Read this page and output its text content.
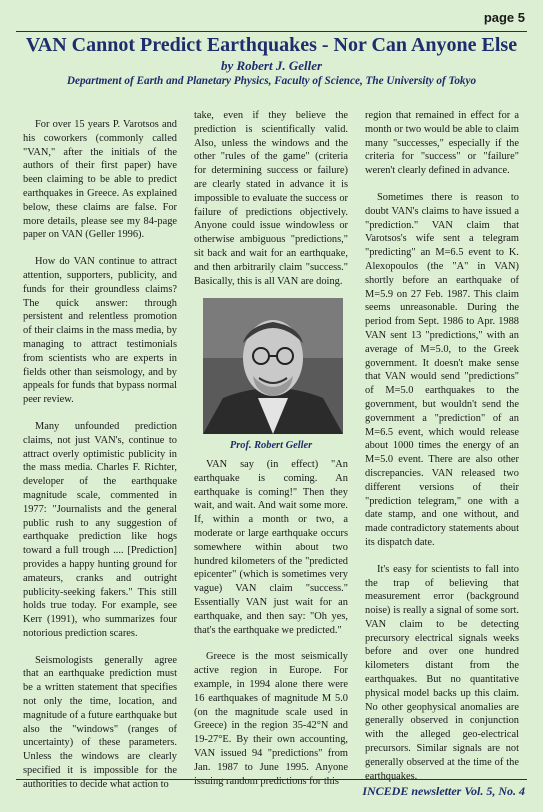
page 5
VAN Cannot Predict Earthquakes - Nor Can Anyone Else
by Robert J. Geller
Department of Earth and Planetary Physics, Faculty of Science, The University of Tokyo

For over 15 years P. Varotsos and his coworkers (commonly called "VAN," after the initials of the authors of their first paper) have been claiming to be able to predict earthquakes in Greece. As explained below, these claims are false. For more details, please see my 84-page paper on VAN (Geller 1996).

How do VAN continue to attract attention, supporters, publicity, and funds for their groundless claims? The quick answer: through persistent and relentless promotion of their claims in the mass media, by managing to attract testimonials from scientists who are experts in fields other than seismology, and by appeals for funds that bypass normal peer review.

Many unfounded prediction claims, not just VAN's, continue to attract overly optimistic publicity in the mass media. Charles F. Richter, developer of the earthquake magnitude scale, commented in 1977: "Journalists and the general public rush to any suggestion of earthquake prediction like hogs toward a full trough .... [Prediction] provides a happy hunting ground for amateurs, cranks and outright publicity-seeking fakers." This still holds true today. For example, see Kerr (1991), who summarizes four notorious prediction scares.

Seismologists generally agree that an earthquake prediction must be a written statement that specifies not only the time, location, and magnitude of a future earthquake but also the "windows" (ranges of uncertainty) of these parameters. Unless the windows are clearly specified it is impossible for the authorities to decide what action to

take, even if they believe the prediction is scientifically valid. Also, unless the windows and the other "rules of the game" (criteria for determining success or failure) are clearly stated in advance it is impossible to evaluate the success or failure of predictions objectively. Anyone could issue windowless or otherwise ambiguous "predictions," sit back and wait for an earthquake, and then arbitrarily claim "success." Basically, this is all VAN are doing.

Prof. Robert Geller

VAN say (in effect) "An earthquake is coming. An earthquake is coming!" Then they wait, and wait. And wait some more. If, within a month or two, a moderate or large earthquake occurs somewhere within about two hundred kilometers of the "predicted epicenter" (which is sometimes very vague) VAN claim "success." Essentially VAN just wait for an earthquake, and then say: "Oh yes, that's the earthquake we predicted."

Greece is the most seismically active region in Europe. For example, in 1994 alone there were 16 earthquakes of magnitude M 5.0 (on the magnitude scale used in Greece) in the region 35-42°N and 19-27°E. By their own accounting, VAN issued 94 "predictions" from Jan. 1987 to June 1995. Anyone issuing random predictions for this

region that remained in effect for a month or two would be able to claim many "successes," especially if the criteria for "success" or "failure" weren't clearly defined in advance.

Sometimes there is reason to doubt VAN's claims to have issued a "prediction." VAN claim that Varotsos's wife sent a telegram "predicting" an M=6.5 event to K. Alexopoulos (the "A" in VAN) shortly before an earthquake of M=5.9 on 27 Feb. 1987. This claim seems unreasonable. During the period from Sept. 1986 to Apr. 1988 VAN sent 13 "predictions," with an average of M=5.0, to the Greek government. It doesn't make sense that VAN would send "predictions" of M=5.0 earthquakes to the government, but wouldn't send the government a "prediction" of an M=6.5 event, which would release about 1000 times the energy of an M=5.0 event. There are also other discrepancies. VAN released two different versions of their "prediction telegram," one with a date stamp, and one without, and made contradictory statements about its dispatch date.

It's easy for scientists to fall into the trap of believing that measurement error (background noise) is really a signal of some sort. VAN claim to be detecting precursory electrical signals weeks before and over one hundred kilometers distant from the earthquakes. But no quantitative physical model backs up this claim. No other geophysical anomalies are generally observed in conjunction with the alleged geo-electrical precursors. Similar signals are not generally observed at the time of the earthquakes.

INCEDE newsletter Vol. 5, No. 4
